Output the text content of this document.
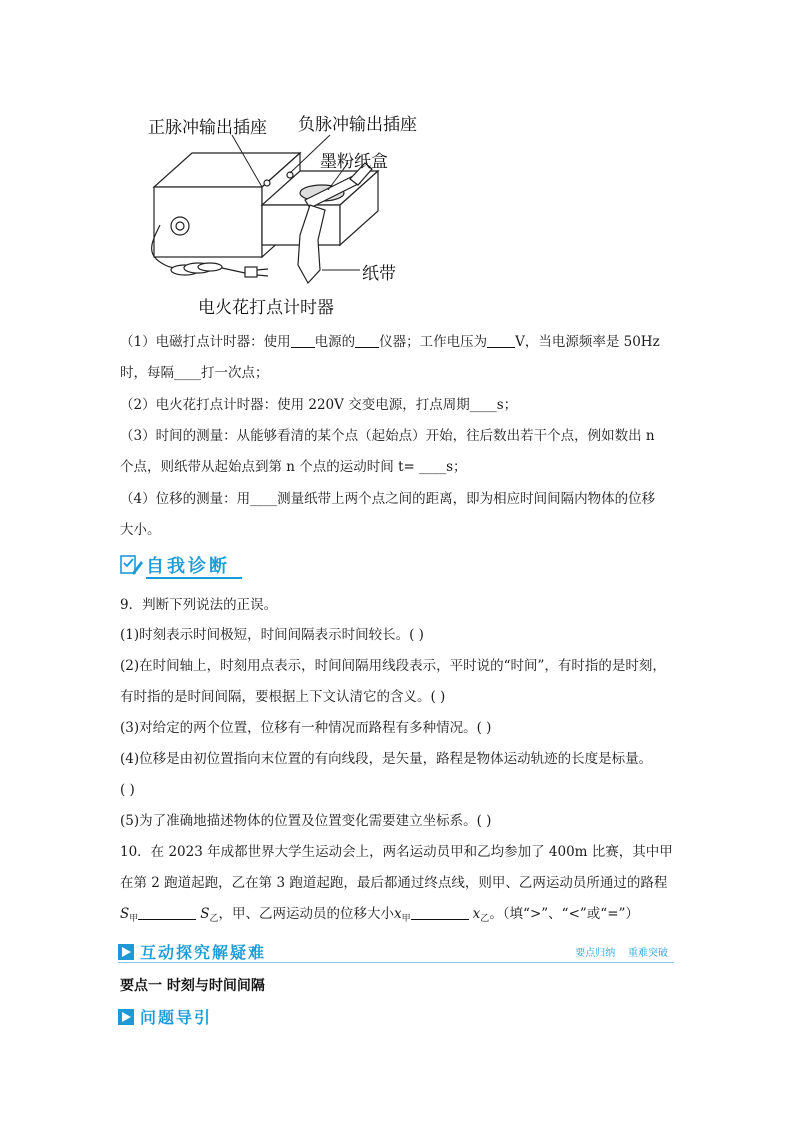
正脉冲输出插座 负脉冲输出插座
墨粉纸盒
纸带
电火花打点计时器
（1）电磁打点计时器：使用 电源的 仪器；工作电压为 V，当电源频率是 50Hz
时，每隔____打一次点；
（2）电火花打点计时器：使用 220V 交变电源，打点周期____s；
（3）时间的测量：从能够看清的某个点（起始点）开始，往后数出若干个点，例如数出 n
个点，则纸带从起始点到第 n 个点的运动时间 t= ____s；
（4）位移的测量：用____测量纸带上两个点之间的距离，即为相应时间间隔内物体的位移
大小。
自我诊断
9．判断下列说法的正误。
(1)时刻表示时间极短，时间间隔表示时间较长。( )
(2)在时间轴上，时刻用点表示，时间间隔用线段表示，平时说的“时间”，有时指的是时刻，
有时指的是时间间隔，要根据上下文认清它的含义。( )
(3)对给定的两个位置，位移有一种情况而路程有多种情况。( )
(4)位移是由初位置指向末位置的有向线段，是矢量，路程是物体运动轨迹的长度是标量。
( )
(5)为了准确地描述物体的位置及位置变化需要建立坐标系。( )
10．在 2023 年成都世界大学生运动会上，两名运动员甲和乙均参加了 400m 比赛，其中甲
在第 2 跑道起跑，乙在第 3 跑道起跑，最后都通过终点线，则甲、乙两运动员所通过的路程
$S_甲$	$S_乙$，甲、乙两运动员的位移大小$x_甲$	$x_乙$。（填“>”、“<”或“=”）
互动探究解疑难	要点归纳    重难突破
要点一 时刻与时间间隔
问题导引
